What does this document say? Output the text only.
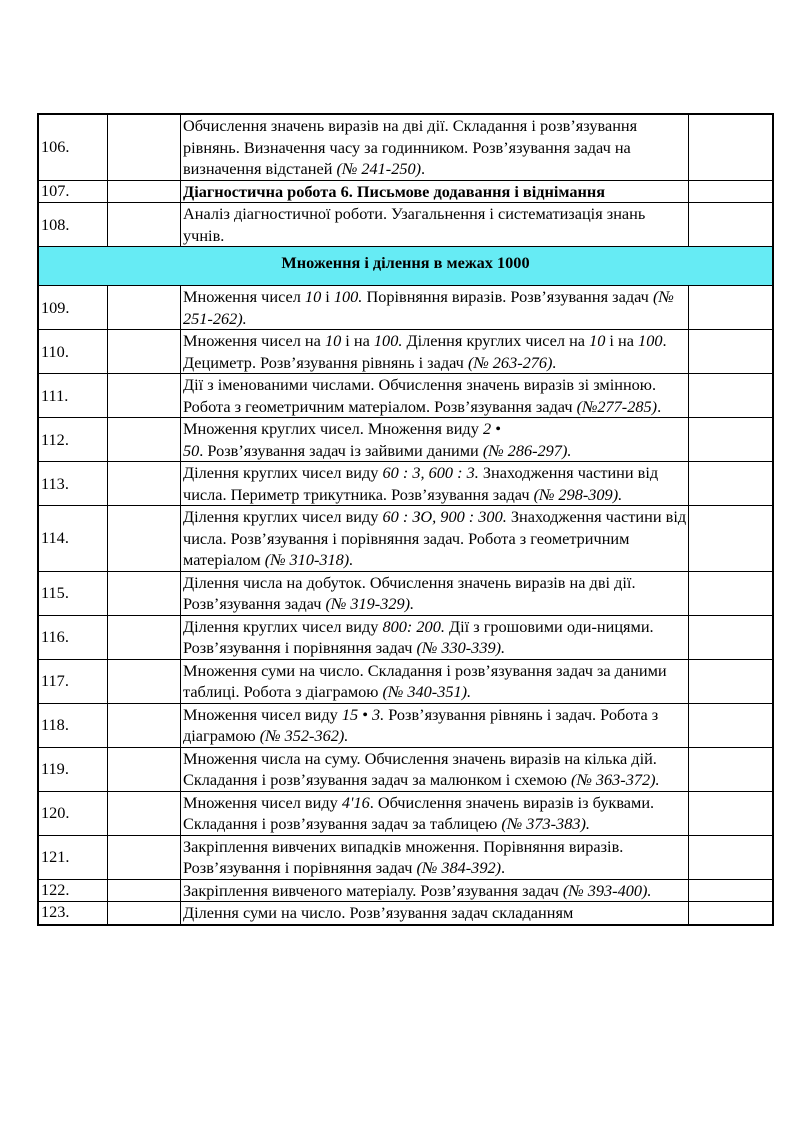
106.		Обчислення значень виразів на дві дії. Складання і розв’язування рівнянь. Визначення часу за годинником. Розв’язування задач на визначення відстаней (№ 241-250).	
107.		Діагностична робота 6. Письмове додавання і віднімання	
108.		Аналіз діагностичної роботи. Узагальнення і систематизація знань учнів.	
Множення і ділення в межах 1000			
109.		Множення чисел 10 і 100. Порівняння виразів. Розв’язування задач (№ 251-262).	
110.		Множення чисел на 10 і на 100. Ділення круглих чисел на 10 і на 100. Дециметр. Розв’язування рівнянь і задач (№ 263-276).	
111.		Дії з іменованими числами. Обчислення значень виразів зі змінною. Робота з геометричним матеріалом. Розв’язування задач (№277-285).	
112.		Множення круглих чисел. Множення виду 2 •
50. Розв’язування задач із зайвими даними (№ 286-297).	
113.		Ділення круглих чисел виду 60 : 3, 600 : 3. Знаходження частини від числа. Периметр трикутника. Розв’язування задач (№ 298-309).	
114.		Ділення круглих чисел виду 60 : ЗО, 900 : 300. Знаходження частини від числа. Розв’язування і порівняння задач. Робота з геометричним матеріалом (№ 310-318).	
115.		Ділення числа на добуток. Обчислення значень виразів на дві дії. Розв’язування задач (№ 319-329).	
116.		Ділення круглих чисел виду 800: 200. Дії з грошовими оди-ницями. Розв’язування і порівняння задач (№ 330-339).	
117.		Множення суми на число. Складання і розв’язування задач за даними таблиці. Робота з діаграмою (№ 340-351).	
118.		Множення чисел виду 15 • 3. Розв’язування рівнянь і задач. Робота з діаграмою (№ 352-362).	
119.		Множення числа на суму. Обчислення значень виразів на кілька дій. Складання і розв’язування задач за малюнком і схемою (№ 363-372).	
120.		Множення чисел виду 4'16. Обчислення значень виразів із буквами. Складання і розв’язування задач за таблицею (№ 373-383).	
121.		Закріплення вивчених випадків множення. Порівняння виразів. Розв’язування і порівняння задач (№ 384-392).	
122.		Закріплення вивченого матеріалу. Розв’язування задач (№ 393-400).	
123.		Ділення суми на число. Розв’язування задач складанням	
